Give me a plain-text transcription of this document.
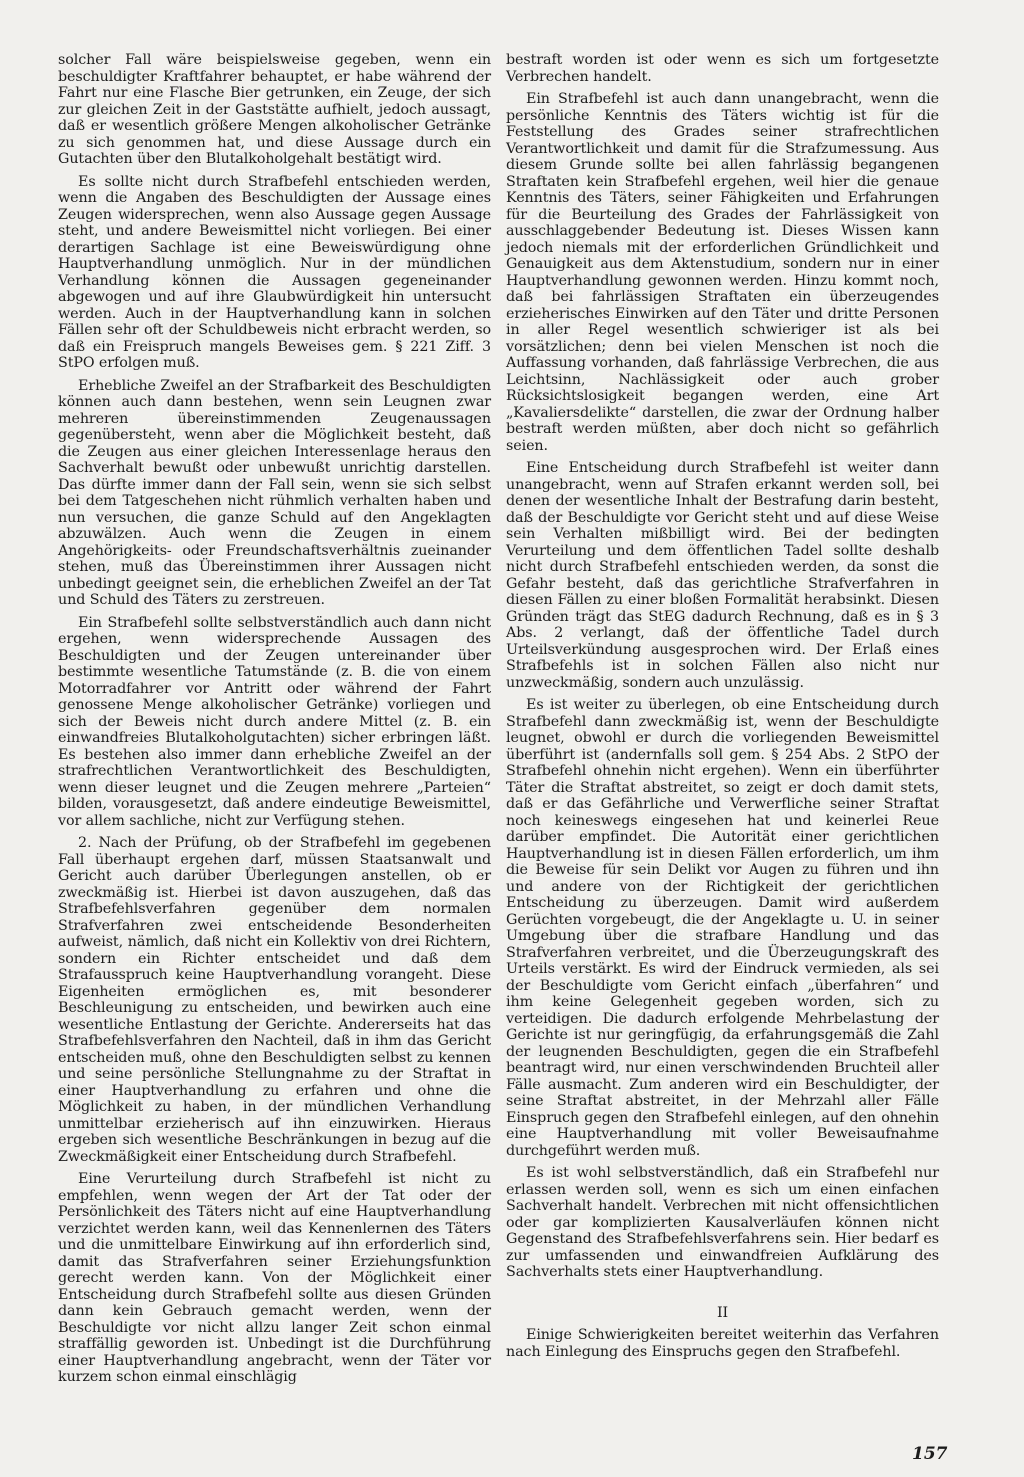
solcher Fall wäre beispielsweise gegeben, wenn ein beschuldigter Kraftfahrer behauptet, er habe während der Fahrt nur eine Flasche Bier getrunken, ein Zeuge, der sich zur gleichen Zeit in der Gaststätte aufhielt, jedoch aussagt, daß er wesentlich größere Mengen alkoholischer Getränke zu sich genommen hat, und diese Aussage durch ein Gutachten über den Blutalkoholgehalt bestätigt wird.

Es sollte nicht durch Strafbefehl entschieden werden, wenn die Angaben des Beschuldigten der Aussage eines Zeugen widersprechen, wenn also Aussage gegen Aussage steht, und andere Beweismittel nicht vorliegen. Bei einer derartigen Sachlage ist eine Beweiswürdigung ohne Hauptverhandlung unmöglich. Nur in der mündlichen Verhandlung können die Aussagen gegeneinander abgewogen und auf ihre Glaubwürdigkeit hin untersucht werden. Auch in der Hauptverhandlung kann in solchen Fällen sehr oft der Schuldbeweis nicht erbracht werden, so daß ein Freispruch mangels Beweises gem. § 221 Ziff. 3 StPO erfolgen muß.

Erhebliche Zweifel an der Strafbarkeit des Beschuldigten können auch dann bestehen, wenn sein Leugnen zwar mehreren übereinstimmenden Zeugenaussagen gegenübersteht, wenn aber die Möglichkeit besteht, daß die Zeugen aus einer gleichen Interessenlage heraus den Sachverhalt bewußt oder unbewußt unrichtig darstellen. Das dürfte immer dann der Fall sein, wenn sie sich selbst bei dem Tatgeschehen nicht rühmlich verhalten haben und nun versuchen, die ganze Schuld auf den Angeklagten abzuwälzen. Auch wenn die Zeugen in einem Angehörigkeits- oder Freundschaftsverhältnis zueinander stehen, muß das Übereinstimmen ihrer Aussagen nicht unbedingt geeignet sein, die erheblichen Zweifel an der Tat und Schuld des Täters zu zerstreuen.

Ein Strafbefehl sollte selbstverständlich auch dann nicht ergehen, wenn widersprechende Aussagen des Beschuldigten und der Zeugen untereinander über bestimmte wesentliche Tatumstände (z. B. die von einem Motorradfahrer vor Antritt oder während der Fahrt genossene Menge alkoholischer Getränke) vorliegen und sich der Beweis nicht durch andere Mittel (z. B. ein einwandfreies Blutalkoholgutachten) sicher erbringen läßt. Es bestehen also immer dann erhebliche Zweifel an der strafrechtlichen Verantwortlichkeit des Beschuldigten, wenn dieser leugnet und die Zeugen mehrere „Parteien“ bilden, vorausgesetzt, daß andere eindeutige Beweismittel, vor allem sachliche, nicht zur Verfügung stehen.

2. Nach der Prüfung, ob der Strafbefehl im gegebenen Fall überhaupt ergehen darf, müssen Staatsanwalt und Gericht auch darüber Überlegungen anstellen, ob er zweckmäßig ist. Hierbei ist davon auszugehen, daß das Strafbefehlsverfahren gegenüber dem normalen Strafverfahren zwei entscheidende Besonderheiten aufweist, nämlich, daß nicht ein Kollektiv von drei Richtern, sondern ein Richter entscheidet und daß dem Strafausspruch keine Hauptverhandlung vorangeht. Diese Eigenheiten ermöglichen es, mit besonderer Beschleunigung zu entscheiden, und bewirken auch eine wesentliche Entlastung der Gerichte. Andererseits hat das Strafbefehlsverfahren den Nachteil, daß in ihm das Gericht entscheiden muß, ohne den Beschuldigten selbst zu kennen und seine persönliche Stellungnahme zu der Straftat in einer Hauptverhandlung zu erfahren und ohne die Möglichkeit zu haben, in der mündlichen Verhandlung unmittelbar erzieherisch auf ihn einzuwirken. Hieraus ergeben sich wesentliche Beschränkungen in bezug auf die Zweckmäßigkeit einer Entscheidung durch Strafbefehl.

Eine Verurteilung durch Strafbefehl ist nicht zu empfehlen, wenn wegen der Art der Tat oder der Persönlichkeit des Täters nicht auf eine Hauptverhandlung verzichtet werden kann, weil das Kennenlernen des Täters und die unmittelbare Einwirkung auf ihn erforderlich sind, damit das Strafverfahren seiner Erziehungsfunktion gerecht werden kann. Von der Möglichkeit einer Entscheidung durch Strafbefehl sollte aus diesen Gründen dann kein Gebrauch gemacht werden, wenn der Beschuldigte vor nicht allzu langer Zeit schon einmal straffällig geworden ist. Unbedingt ist die Durchführung einer Hauptverhandlung angebracht, wenn der Täter vor kurzem schon einmal einschlägig

bestraft worden ist oder wenn es sich um fortgesetzte Verbrechen handelt.

Ein Strafbefehl ist auch dann unangebracht, wenn die persönliche Kenntnis des Täters wichtig ist für die Feststellung des Grades seiner strafrechtlichen Verantwortlichkeit und damit für die Strafzumessung. Aus diesem Grunde sollte bei allen fahrlässig begangenen Straftaten kein Strafbefehl ergehen, weil hier die genaue Kenntnis des Täters, seiner Fähigkeiten und Erfahrungen für die Beurteilung des Grades der Fahrlässigkeit von ausschlaggebender Bedeutung ist. Dieses Wissen kann jedoch niemals mit der erforderlichen Gründlichkeit und Genauigkeit aus dem Aktenstudium, sondern nur in einer Hauptverhandlung gewonnen werden. Hinzu kommt noch, daß bei fahrlässigen Straftaten ein überzeugendes erzieherisches Einwirken auf den Täter und dritte Personen in aller Regel wesentlich schwieriger ist als bei vorsätzlichen; denn bei vielen Menschen ist noch die Auffassung vorhanden, daß fahrlässige Verbrechen, die aus Leichtsinn, Nachlässigkeit oder auch grober Rücksichtslosigkeit begangen werden, eine Art „Kavaliersdelikte“ darstellen, die zwar der Ordnung halber bestraft werden müßten, aber doch nicht so gefährlich seien.

Eine Entscheidung durch Strafbefehl ist weiter dann unangebracht, wenn auf Strafen erkannt werden soll, bei denen der wesentliche Inhalt der Bestrafung darin besteht, daß der Beschuldigte vor Gericht steht und auf diese Weise sein Verhalten mißbilligt wird. Bei der bedingten Verurteilung und dem öffentlichen Tadel sollte deshalb nicht durch Strafbefehl entschieden werden, da sonst die Gefahr besteht, daß das gerichtliche Strafverfahren in diesen Fällen zu einer bloßen Formalität herabsinkt. Diesen Gründen trägt das StEG dadurch Rechnung, daß es in § 3 Abs. 2 verlangt, daß der öffentliche Tadel durch Urteilsverkündung ausgesprochen wird. Der Erlaß eines Strafbefehls ist in solchen Fällen also nicht nur unzweckmäßig, sondern auch unzulässig.

Es ist weiter zu überlegen, ob eine Entscheidung durch Strafbefehl dann zweckmäßig ist, wenn der Beschuldigte leugnet, obwohl er durch die vorliegenden Beweismittel überführt ist (andernfalls soll gem. § 254 Abs. 2 StPO der Strafbefehl ohnehin nicht ergehen). Wenn ein überführter Täter die Straftat abstreitet, so zeigt er doch damit stets, daß er das Gefährliche und Verwerfliche seiner Straftat noch keineswegs eingesehen hat und keinerlei Reue darüber empfindet. Die Autorität einer gerichtlichen Hauptverhandlung ist in diesen Fällen erforderlich, um ihm die Beweise für sein Delikt vor Augen zu führen und ihn und andere von der Richtigkeit der gerichtlichen Entscheidung zu überzeugen. Damit wird außerdem Gerüchten vorgebeugt, die der Angeklagte u. U. in seiner Umgebung über die strafbare Handlung und das Strafverfahren verbreitet, und die Überzeugungskraft des Urteils verstärkt. Es wird der Eindruck vermieden, als sei der Beschuldigte vom Gericht einfach „überfahren“ und ihm keine Gelegenheit gegeben worden, sich zu verteidigen. Die dadurch erfolgende Mehrbelastung der Gerichte ist nur geringfügig, da erfahrungsgemäß die Zahl der leugnenden Beschuldigten, gegen die ein Strafbefehl beantragt wird, nur einen verschwindenden Bruchteil aller Fälle ausmacht. Zum anderen wird ein Beschuldigter, der seine Straftat abstreitet, in der Mehrzahl aller Fälle Einspruch gegen den Strafbefehl einlegen, auf den ohnehin eine Hauptverhandlung mit voller Beweisaufnahme durchgeführt werden muß.

Es ist wohl selbstverständlich, daß ein Strafbefehl nur erlassen werden soll, wenn es sich um einen einfachen Sachverhalt handelt. Verbrechen mit nicht offensichtlichen oder gar komplizierten Kausalverläufen können nicht Gegenstand des Strafbefehlsverfahrens sein. Hier bedarf es zur umfassenden und einwandfreien Aufklärung des Sachverhalts stets einer Hauptverhandlung.

II

Einige Schwierigkeiten bereitet weiterhin das Verfahren nach Einlegung des Einspruchs gegen den Strafbefehl.

157
